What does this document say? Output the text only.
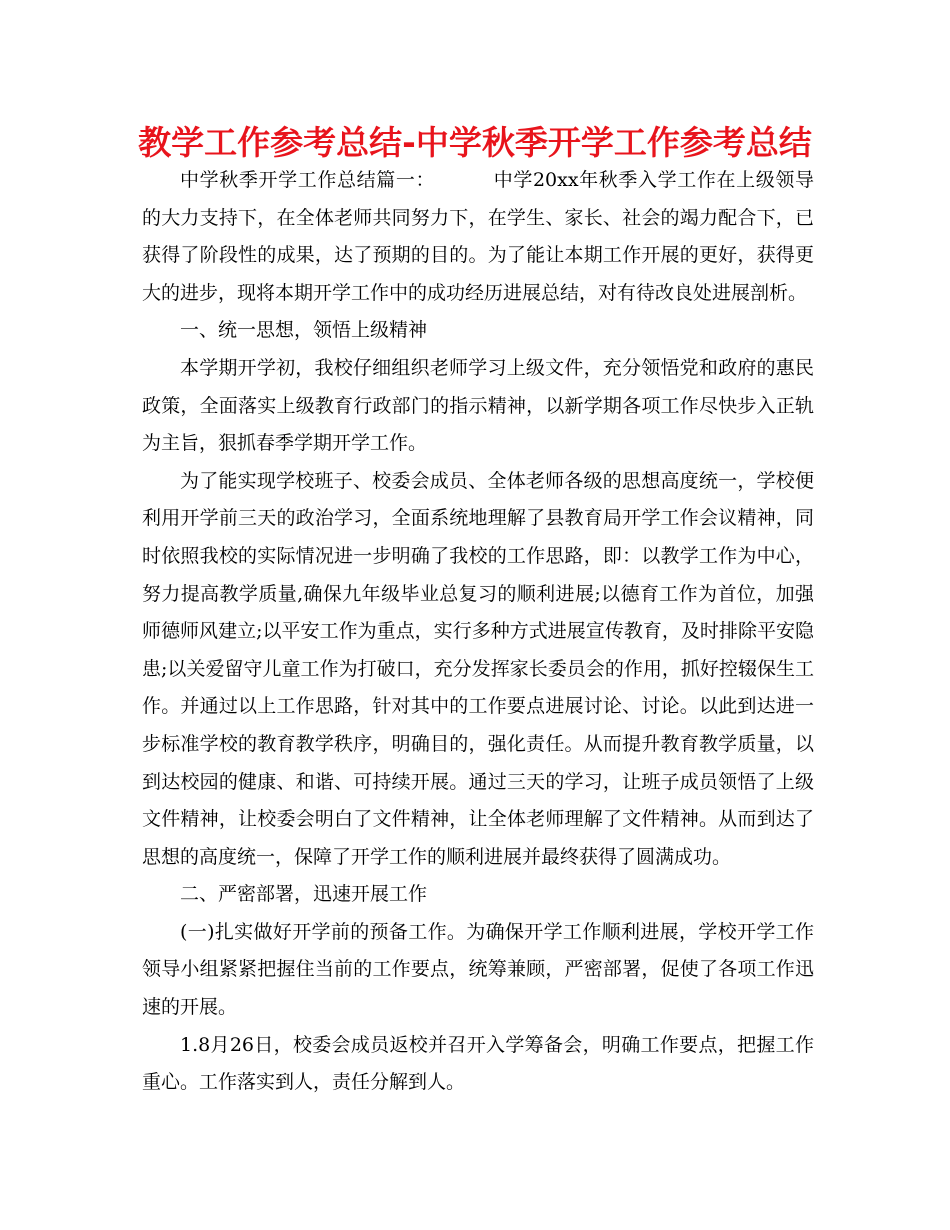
教学工作参考总结-中学秋季开学工作参考总结

中学秋季开学工作总结篇一：	中学20xx年秋季入学工作在上级领导的大力支持下，在全体老师共同努力下，在学生、家长、社会的竭力配合下，已获得了阶段性的成果，达了预期的目的。为了能让本期工作开展的更好，获得更大的进步，现将本期开学工作中的成功经历进展总结，对有待改良处进展剖析。

一、统一思想，领悟上级精神

本学期开学初，我校仔细组织老师学习上级文件，充分领悟党和政府的惠民政策，全面落实上级教育行政部门的指示精神，以新学期各项工作尽快步入正轨为主旨，狠抓春季学期开学工作。

为了能实现学校班子、校委会成员、全体老师各级的思想高度统一，学校便利用开学前三天的政治学习，全面系统地理解了县教育局开学工作会议精神，同时依照我校的实际情况进一步明确了我校的工作思路，即：以教学工作为中心，努力提高教学质量,确保九年级毕业总复习的顺利进展;以德育工作为首位，加强师德师风建立;以平安工作为重点，实行多种方式进展宣传教育，及时排除平安隐患;以关爱留守儿童工作为打破口，充分发挥家长委员会的作用，抓好控辍保生工作。并通过以上工作思路，针对其中的工作要点进展讨论、讨论。以此到达进一步标准学校的教育教学秩序，明确目的，强化责任。从而提升教育教学质量，以到达校园的健康、和谐、可持续开展。通过三天的学习，让班子成员领悟了上级文件精神，让校委会明白了文件精神，让全体老师理解了文件精神。从而到达了思想的高度统一，保障了开学工作的顺利进展并最终获得了圆满成功。

二、严密部署，迅速开展工作

(一)扎实做好开学前的预备工作。为确保开学工作顺利进展，学校开学工作领导小组紧紧把握住当前的工作要点，统筹兼顾，严密部署，促使了各项工作迅速的开展。

1.8月26日，校委会成员返校并召开入学筹备会，明确工作要点，把握工作重心。工作落实到人，责任分解到人。
